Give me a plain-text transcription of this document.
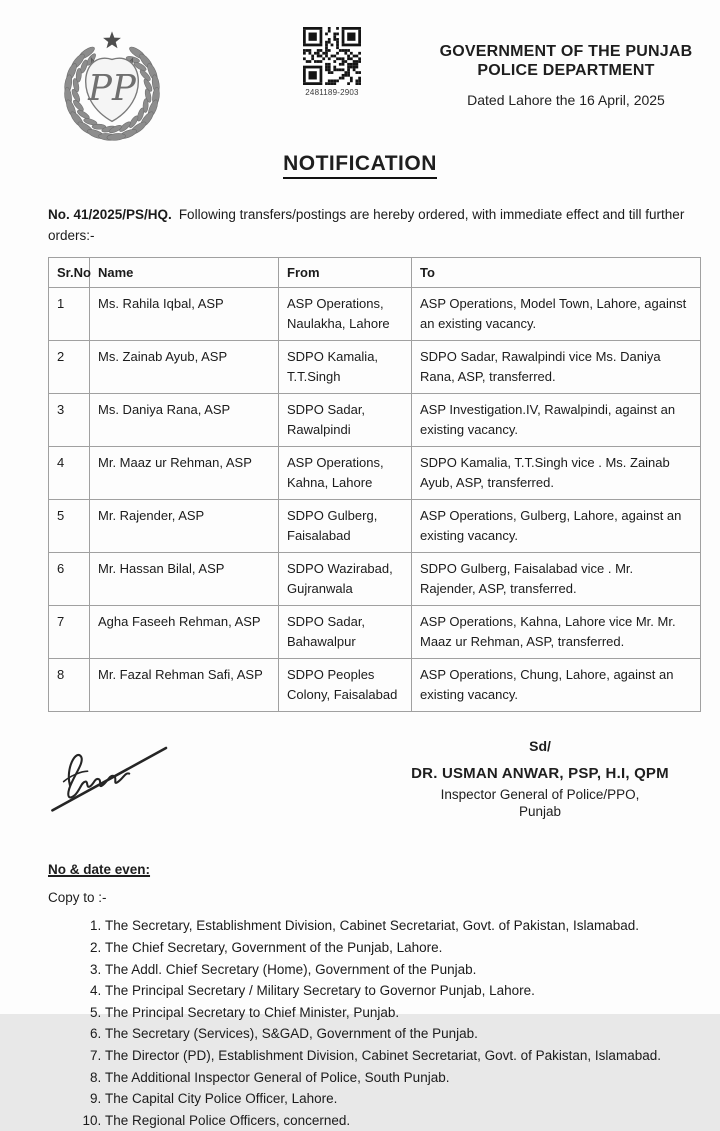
PP	2481189-2903
GOVERNMENT OF THE PUNJAB
POLICE DEPARTMENT
Dated Lahore the 16 April, 2025
NOTIFICATION

No. 41/2025/PS/HQ. Following transfers/postings are hereby ordered, with immediate effect and till further orders:-

Sr.No	Name	From	To
1	Ms. Rahila Iqbal, ASP	ASP Operations, Naulakha, Lahore	ASP Operations, Model Town, Lahore, against an existing vacancy.
2	Ms. Zainab Ayub, ASP	SDPO Kamalia, T.T.Singh	SDPO Sadar, Rawalpindi vice Ms. Daniya Rana, ASP, transferred.
3	Ms. Daniya Rana, ASP	SDPO Sadar, Rawalpindi	ASP Investigation.IV, Rawalpindi, against an existing vacancy.
4	Mr. Maaz ur Rehman, ASP	ASP Operations, Kahna, Lahore	SDPO Kamalia, T.T.Singh vice . Ms. Zainab Ayub, ASP, transferred.
5	Mr. Rajender, ASP	SDPO Gulberg, Faisalabad	ASP Operations, Gulberg, Lahore, against an existing vacancy.
6	Mr. Hassan Bilal, ASP	SDPO Wazirabad, Gujranwala	SDPO Gulberg, Faisalabad vice . Mr. Rajender, ASP, transferred.
7	Agha Faseeh Rehman, ASP	SDPO Sadar, Bahawalpur	ASP Operations, Kahna, Lahore vice Mr. Mr. Maaz ur Rehman, ASP, transferred.
8	Mr. Fazal Rehman Safi, ASP	SDPO Peoples Colony, Faisalabad	ASP Operations, Chung, Lahore, against an existing vacancy.
Sd/
DR. USMAN ANWAR, PSP, H.I, QPM
Inspector General of Police/PPO,
Punjab
No & date even:
Copy to :-
1. The Secretary, Establishment Division, Cabinet Secretariat, Govt. of Pakistan, Islamabad.
2. The Chief Secretary, Government of the Punjab, Lahore.
3. The Addl. Chief Secretary (Home), Government of the Punjab.
4. The Principal Secretary / Military Secretary to Governor Punjab, Lahore.
5. The Principal Secretary to Chief Minister, Punjab.
6. The Secretary (Services), S&GAD, Government of the Punjab.
7. The Director (PD), Establishment Division, Cabinet Secretariat, Govt. of Pakistan, Islamabad.
8. The Additional Inspector General of Police, South Punjab.
9. The Capital City Police Officer, Lahore.
10. The Regional Police Officers, concerned.
